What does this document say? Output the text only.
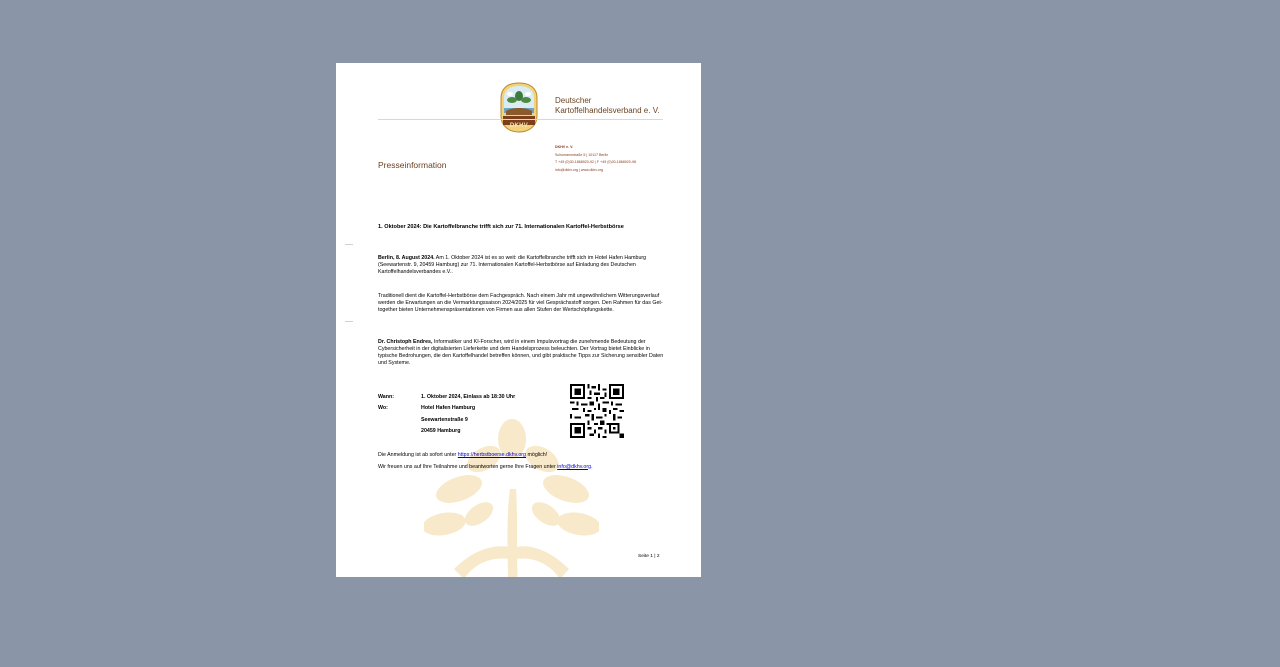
DKHV
Deutscher
Kartoffelhandelsverband e. V.
DKHV e. V.
Schumannstraße 5 | 10117 Berlin
T +49 (0)30-1868920-92 | F +49 (0)30-1868920-98
info@dkhv.org | www.dkhv.org
Presseinformation
1. Oktober 2024: Die Kartoffelbranche trifft sich zur 71. Internationalen Kartoffel-Herbstbörse
Berlin, 8. August 2024. Am 1. Oktober 2024 ist es so weit: die Kartoffelbranche trifft sich im Hotel Hafen Hamburg (Seewartenstr. 9, 20459 Hamburg) zur 71. Internationalen Kartoffel-Herbstbörse auf Einladung des Deutschen Kartoffelhandelsverbandes e.V..
Traditionell dient die Kartoffel-Herbstbörse dem Fachgespräch. Nach einem Jahr mit ungewöhnlichem Witterungsverlauf werden die Erwartungen an die Vermarktungssaison 2024/2025 für viel Gesprächsstoff sorgen. Den Rahmen für das Get-together bieten Unternehmenspräsentationen von Firmen aus allen Stufen der Wertschöpfungskette.
Dr. Christoph Endres, Informatiker und KI-Forscher, wird in einem Impulsvortrag die zunehmende Bedeutung der Cybersicherheit in der digitalisierten Lieferkette und dem Handelsprozess beleuchten. Der Vortrag bietet Einblicke in typische Bedrohungen, die den Kartoffelhandel betreffen können, und gibt praktische Tipps zur Sicherung sensibler Daten und Systeme.
Wann:	1. Oktober 2024, Einlass ab 18:30 Uhr
Wo:	Hotel Hafen Hamburg
Seewartenstraße 9
20459 Hamburg
Die Anmeldung ist ab sofort unter https://herbstboerse.dkhv.org möglich!
Wir freuen uns auf Ihre Teilnahme und beantworten gerne Ihre Fragen unter info@dkhv.org.
Seite 1 | 2
